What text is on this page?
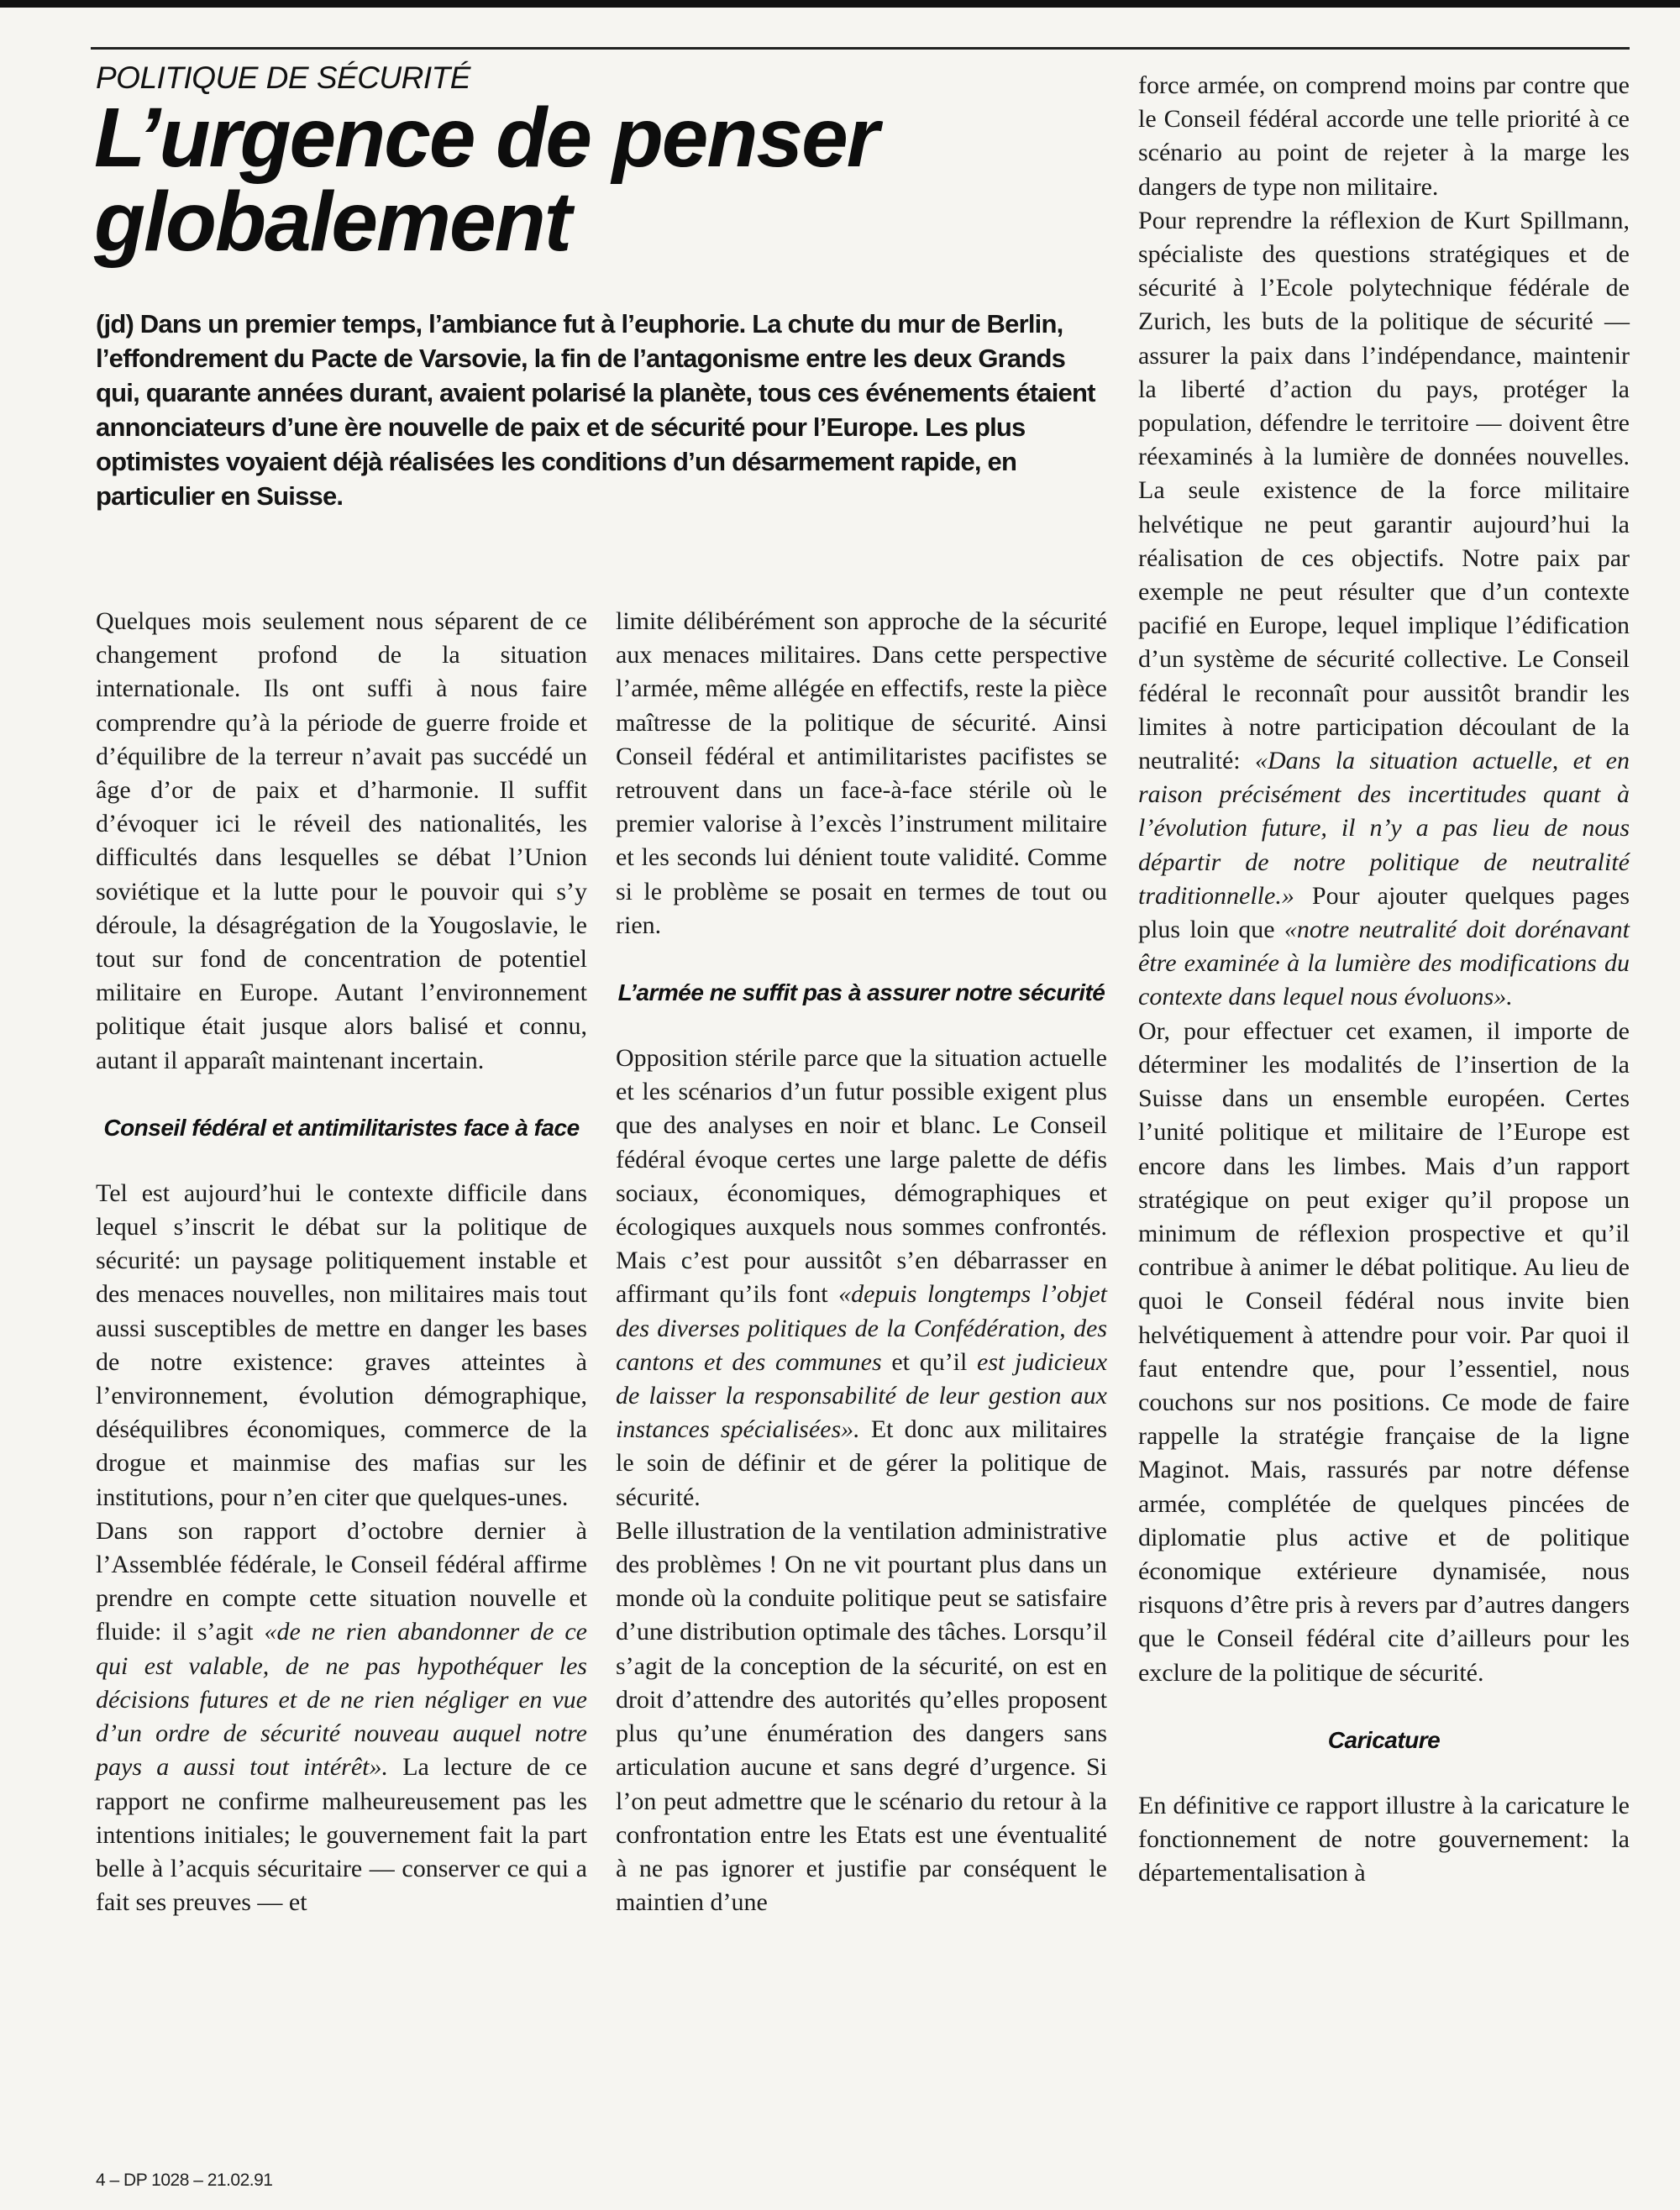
POLITIQUE DE SÉCURITÉ
L’urgence de penser globalement

(jd) Dans un premier temps, l’ambiance fut à l’euphorie. La chute du mur de Berlin, l’effondrement du Pacte de Varsovie, la fin de l’antagonisme entre les deux Grands qui, quarante années durant, avaient polarisé la planète, tous ces événements étaient annonciateurs d’une ère nouvelle de paix et de sécurité pour l’Europe. Les plus optimistes voyaient déjà réalisées les conditions d’un désarmement rapide, en particulier en Suisse.

Quelques mois seulement nous séparent de ce changement profond de la situation internationale. Ils ont suffi à nous faire comprendre qu’à la période de guerre froide et d’équilibre de la terreur n’avait pas succédé un âge d’or de paix et d’harmonie. Il suffit d’évoquer ici le réveil des nationalités, les difficultés dans lesquelles se débat l’Union soviétique et la lutte pour le pouvoir qui s’y déroule, la désagrégation de la Yougoslavie, le tout sur fond de concentration de potentiel militaire en Europe. Autant l’environnement politique était jusque alors balisé et connu, autant il apparaît maintenant incertain.

Conseil fédéral et antimilitaristes face à face

Tel est aujourd’hui le contexte difficile dans lequel s’inscrit le débat sur la politique de sécurité: un paysage politiquement instable et des menaces nouvelles, non militaires mais tout aussi susceptibles de mettre en danger les bases de notre existence: graves atteintes à l’environnement, évolution démographique, déséquilibres économiques, commerce de la drogue et mainmise des mafias sur les institutions, pour n’en citer que quelques-unes.

Dans son rapport d’octobre dernier à l’Assemblée fédérale, le Conseil fédéral affirme prendre en compte cette situation nouvelle et fluide: il s’agit «de ne rien abandonner de ce qui est valable, de ne pas hypothéquer les décisions futures et de ne rien négliger en vue d’un ordre de sécurité nouveau auquel notre pays a aussi tout intérêt». La lecture de ce rapport ne confirme malheureusement pas les intentions initiales; le gouvernement fait la part belle à l’acquis sécuritaire — conserver ce qui a fait ses preuves — et

limite délibérément son approche de la sécurité aux menaces militaires. Dans cette perspective l’armée, même allégée en effectifs, reste la pièce maîtresse de la politique de sécurité. Ainsi Conseil fédéral et antimilitaristes pacifistes se retrouvent dans un face-à-face stérile où le premier valorise à l’excès l’instrument militaire et les seconds lui dénient toute validité. Comme si le problème se posait en termes de tout ou rien.

L’armée ne suffit pas à assurer notre sécurité

Opposition stérile parce que la situation actuelle et les scénarios d’un futur possible exigent plus que des analyses en noir et blanc. Le Conseil fédéral évoque certes une large palette de défis sociaux, économiques, démographiques et écologiques auxquels nous sommes confrontés. Mais c’est pour aussitôt s’en débarrasser en affirmant qu’ils font «depuis longtemps l’objet des diverses politiques de la Confédération, des cantons et des communes et qu’il est judicieux de laisser la responsabilité de leur gestion aux instances spécialisées». Et donc aux militaires le soin de définir et de gérer la politique de sécurité.

Belle illustration de la ventilation administrative des problèmes ! On ne vit pourtant plus dans un monde où la conduite politique peut se satisfaire d’une distribution optimale des tâches. Lorsqu’il s’agit de la conception de la sécurité, on est en droit d’attendre des autorités qu’elles proposent plus qu’une énumération des dangers sans articulation aucune et sans degré d’urgence. Si l’on peut admettre que le scénario du retour à la confrontation entre les Etats est une éventualité à ne pas ignorer et justifie par conséquent le maintien d’une

force armée, on comprend moins par contre que le Conseil fédéral accorde une telle priorité à ce scénario au point de rejeter à la marge les dangers de type non militaire.

Pour reprendre la réflexion de Kurt Spillmann, spécialiste des questions stratégiques et de sécurité à l’Ecole polytechnique fédérale de Zurich, les buts de la politique de sécurité — assurer la paix dans l’indépendance, maintenir la liberté d’action du pays, protéger la population, défendre le territoire — doivent être réexaminés à la lumière de données nouvelles. La seule existence de la force militaire helvétique ne peut garantir aujourd’hui la réalisation de ces objectifs. Notre paix par exemple ne peut résulter que d’un contexte pacifié en Europe, lequel implique l’édification d’un système de sécurité collective. Le Conseil fédéral le reconnaît pour aussitôt brandir les limites à notre participation découlant de la neutralité: «Dans la situation actuelle, et en raison précisément des incertitudes quant à l’évolution future, il n’y a pas lieu de nous départir de notre politique de neutralité traditionnelle.» Pour ajouter quelques pages plus loin que «notre neutralité doit dorénavant être examinée à la lumière des modifications du contexte dans lequel nous évoluons».

Or, pour effectuer cet examen, il importe de déterminer les modalités de l’insertion de la Suisse dans un ensemble européen. Certes l’unité politique et militaire de l’Europe est encore dans les limbes. Mais d’un rapport stratégique on peut exiger qu’il propose un minimum de réflexion prospective et qu’il contribue à animer le débat politique. Au lieu de quoi le Conseil fédéral nous invite bien helvétiquement à attendre pour voir. Par quoi il faut entendre que, pour l’essentiel, nous couchons sur nos positions. Ce mode de faire rappelle la stratégie française de la ligne Maginot. Mais, rassurés par notre défense armée, complétée de quelques pincées de diplomatie plus active et de politique économique extérieure dynamisée, nous risquons d’être pris à revers par d’autres dangers que le Conseil fédéral cite d’ailleurs pour les exclure de la politique de sécurité.

Caricature

En définitive ce rapport illustre à la caricature le fonctionnement de notre gouvernement: la départementalisation à

4 – DP 1028 – 21.02.91
